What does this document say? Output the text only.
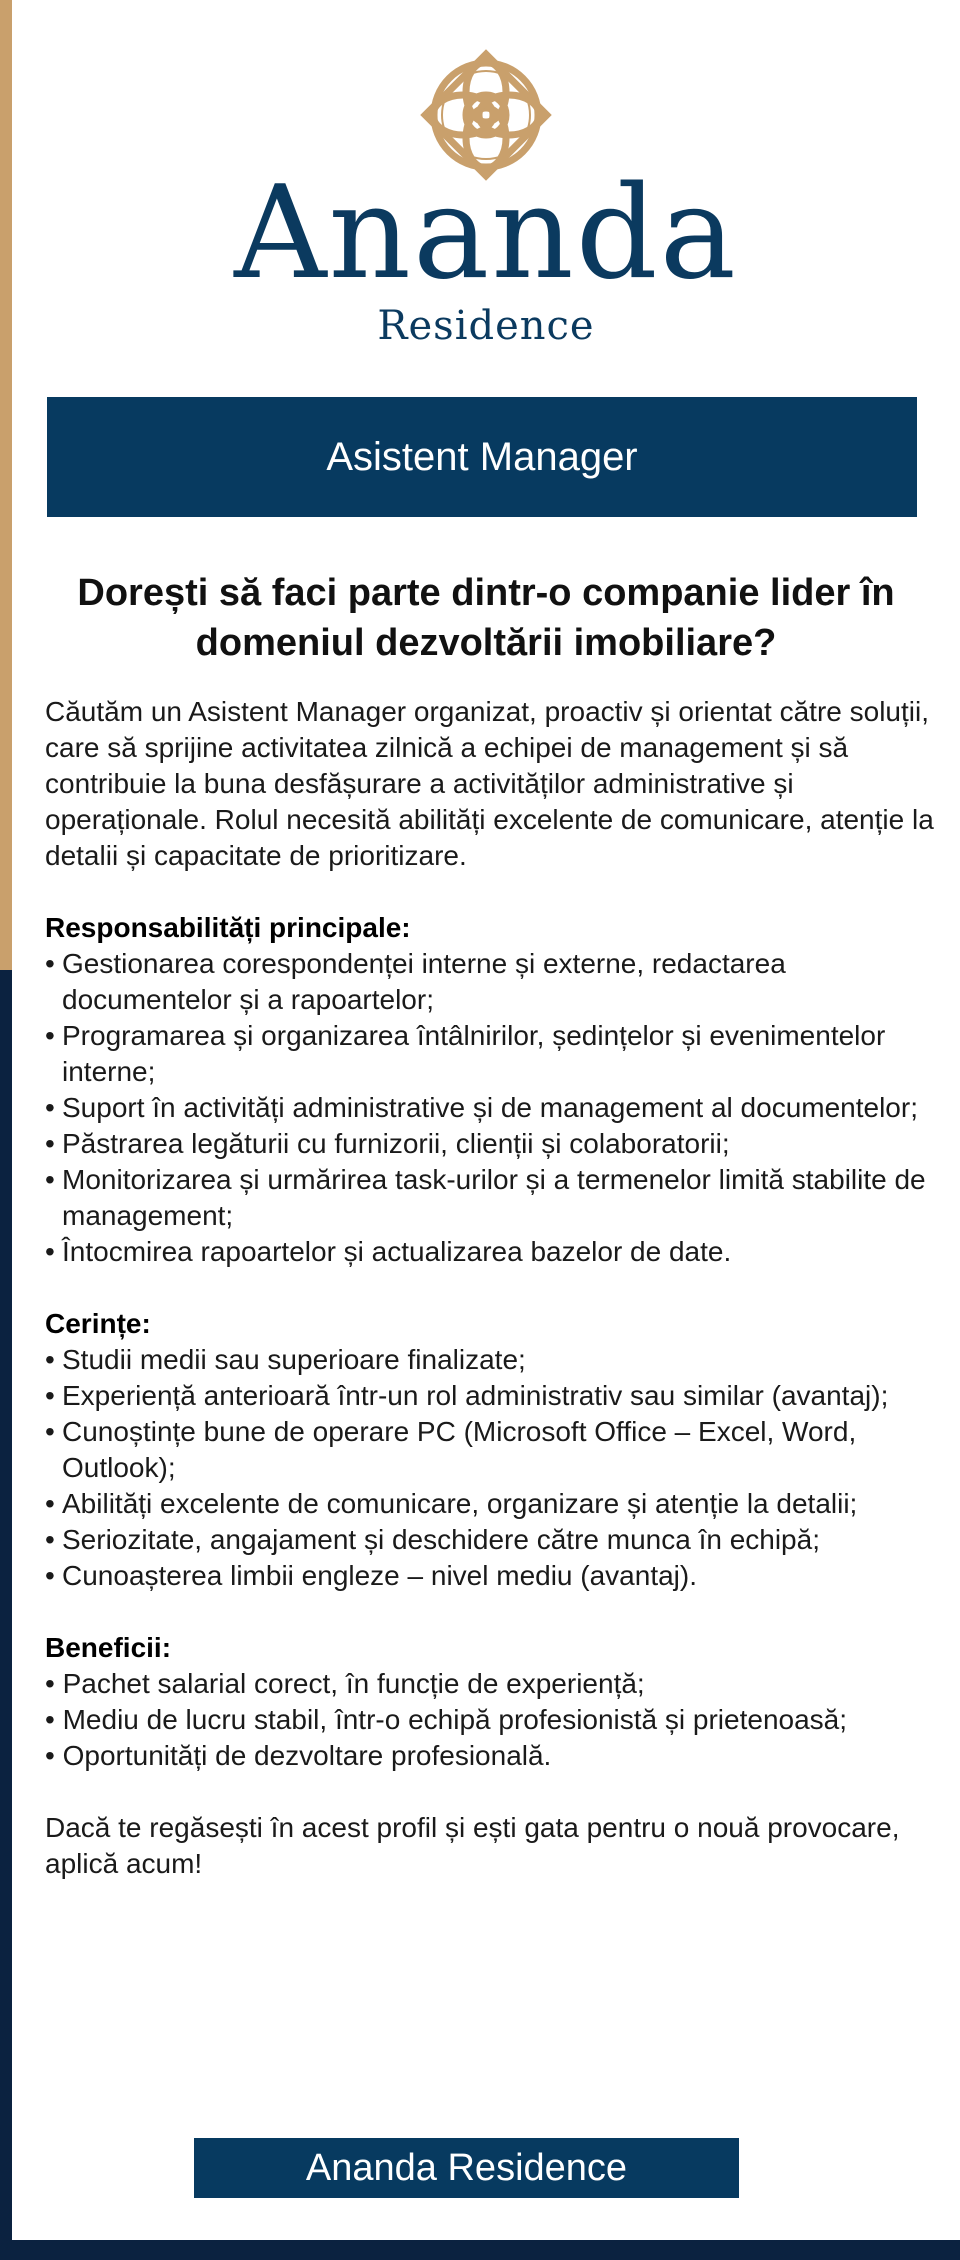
Ananda
Residence
Asistent Manager
Dorești să faci parte dintr-o companie lider în domeniul dezvoltării imobiliare?

Căutăm un Asistent Manager organizat, proactiv și orientat către soluții, care să sprijine activitatea zilnică a echipei de management și să contribuie la buna desfășurare a activităților administrative și operaționale. Rolul necesită abilități excelente de comunicare, atenție la detalii și capacitate de prioritizare.

Responsabilități principale:

• Gestionarea corespondenței interne și externe, redactarea documentelor și a rapoartelor;
• Programarea și organizarea întâlnirilor, ședințelor și evenimentelor interne;
• Suport în activități administrative și de management al documentelor;
• Păstrarea legăturii cu furnizorii, clienții și colaboratorii;
• Monitorizarea și urmărirea task-urilor și a termenelor limită stabilite de management;
• Întocmirea rapoartelor și actualizarea bazelor de date.

Cerințe:

• Studii medii sau superioare finalizate;
• Experiență anterioară într-un rol administrativ sau similar (avantaj);
• Cunoștințe bune de operare PC (Microsoft Office – Excel, Word, Outlook);
• Abilități excelente de comunicare, organizare și atenție la detalii;
• Seriozitate, angajament și deschidere către munca în echipă;
• Cunoașterea limbii engleze – nivel mediu (avantaj).

Beneficii:

• Pachet salarial corect, în funcție de experiență;
• Mediu de lucru stabil, într-o echipă profesionistă și prietenoasă;
• Oportunități de dezvoltare profesională.

Dacă te regăsești în acest profil și ești gata pentru o nouă provocare, aplică acum!

Ananda Residence
